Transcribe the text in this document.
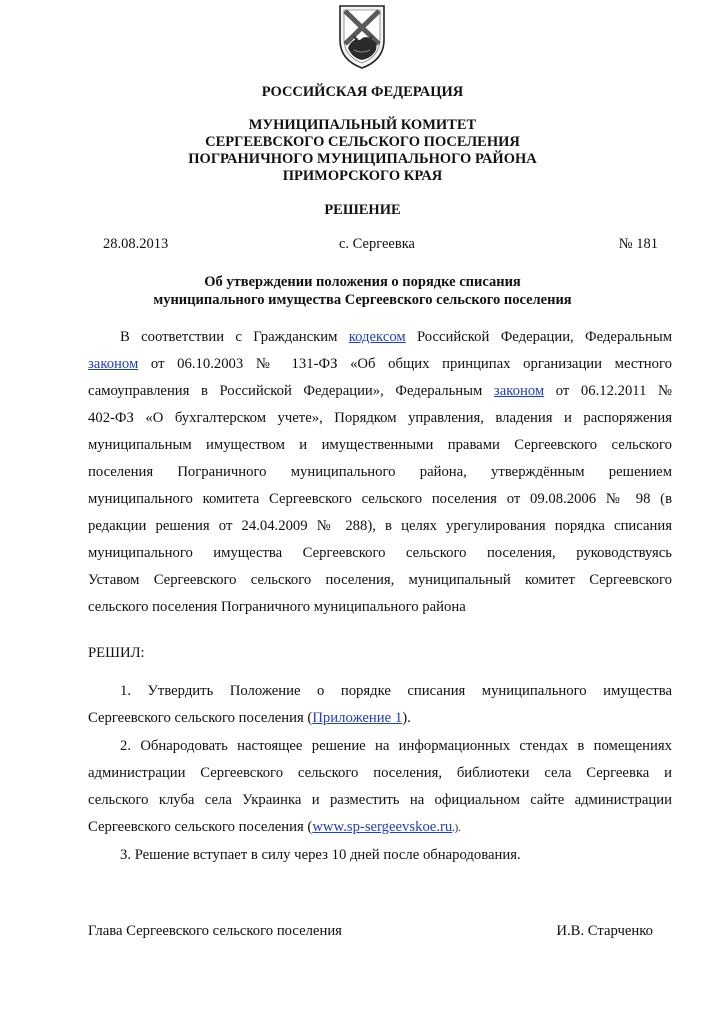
РОССИЙСКАЯ ФЕДЕРАЦИЯ
МУНИЦИПАЛЬНЫЙ КОМИТЕТ
СЕРГЕЕВСКОГО СЕЛЬСКОГО ПОСЕЛЕНИЯ
ПОГРАНИЧНОГО МУНИЦИПАЛЬНОГО РАЙОНА
ПРИМОРСКОГО КРАЯ
РЕШЕНИЕ
28.08.2013	с. Сергеевка	№ 181
Об утверждении положения о порядке списания
муниципального имущества Сергеевского сельского поселения
В соответствии с Гражданским кодексом Российской Федерации, Федеральным
законом от 06.10.2003 № 131-ФЗ «Об общих принципах организации местного
самоуправления в Российской Федерации», Федеральным законом от 06.12.2011 №
402-ФЗ «О бухгалтерском учете», Порядком управления, владения и распоряжения
муниципальным имуществом и имущественными правами Сергеевского сельского
поселения Пограничного муниципального района, утверждённым решением
муниципального комитета Сергеевского сельского поселения от 09.08.2006 № 98 (в
редакции решения от 24.04.2009 № 288), в целях урегулирования порядка списания
муниципального имущества Сергеевского сельского поселения, руководствуясь
Уставом Сергеевского сельского поселения, муниципальный комитет Сергеевского
сельского поселения Пограничного муниципального района
РЕШИЛ:
1. Утвердить Положение о порядке списания муниципального имущества
Сергеевского сельского поселения (Приложение 1).
2. Обнародовать настоящее решение на информационных стендах в помещениях
администрации Сергеевского сельского поселения, библиотеки села Сергеевка и
сельского клуба села Украинка и разместить на официальном сайте администрации
Сергеевского сельского поселения (www.sp-sergeevskoe.ru.).
3. Решение вступает в силу через 10 дней после обнародования.
Глава Сергеевского сельского поселения	И.В. Старченко
